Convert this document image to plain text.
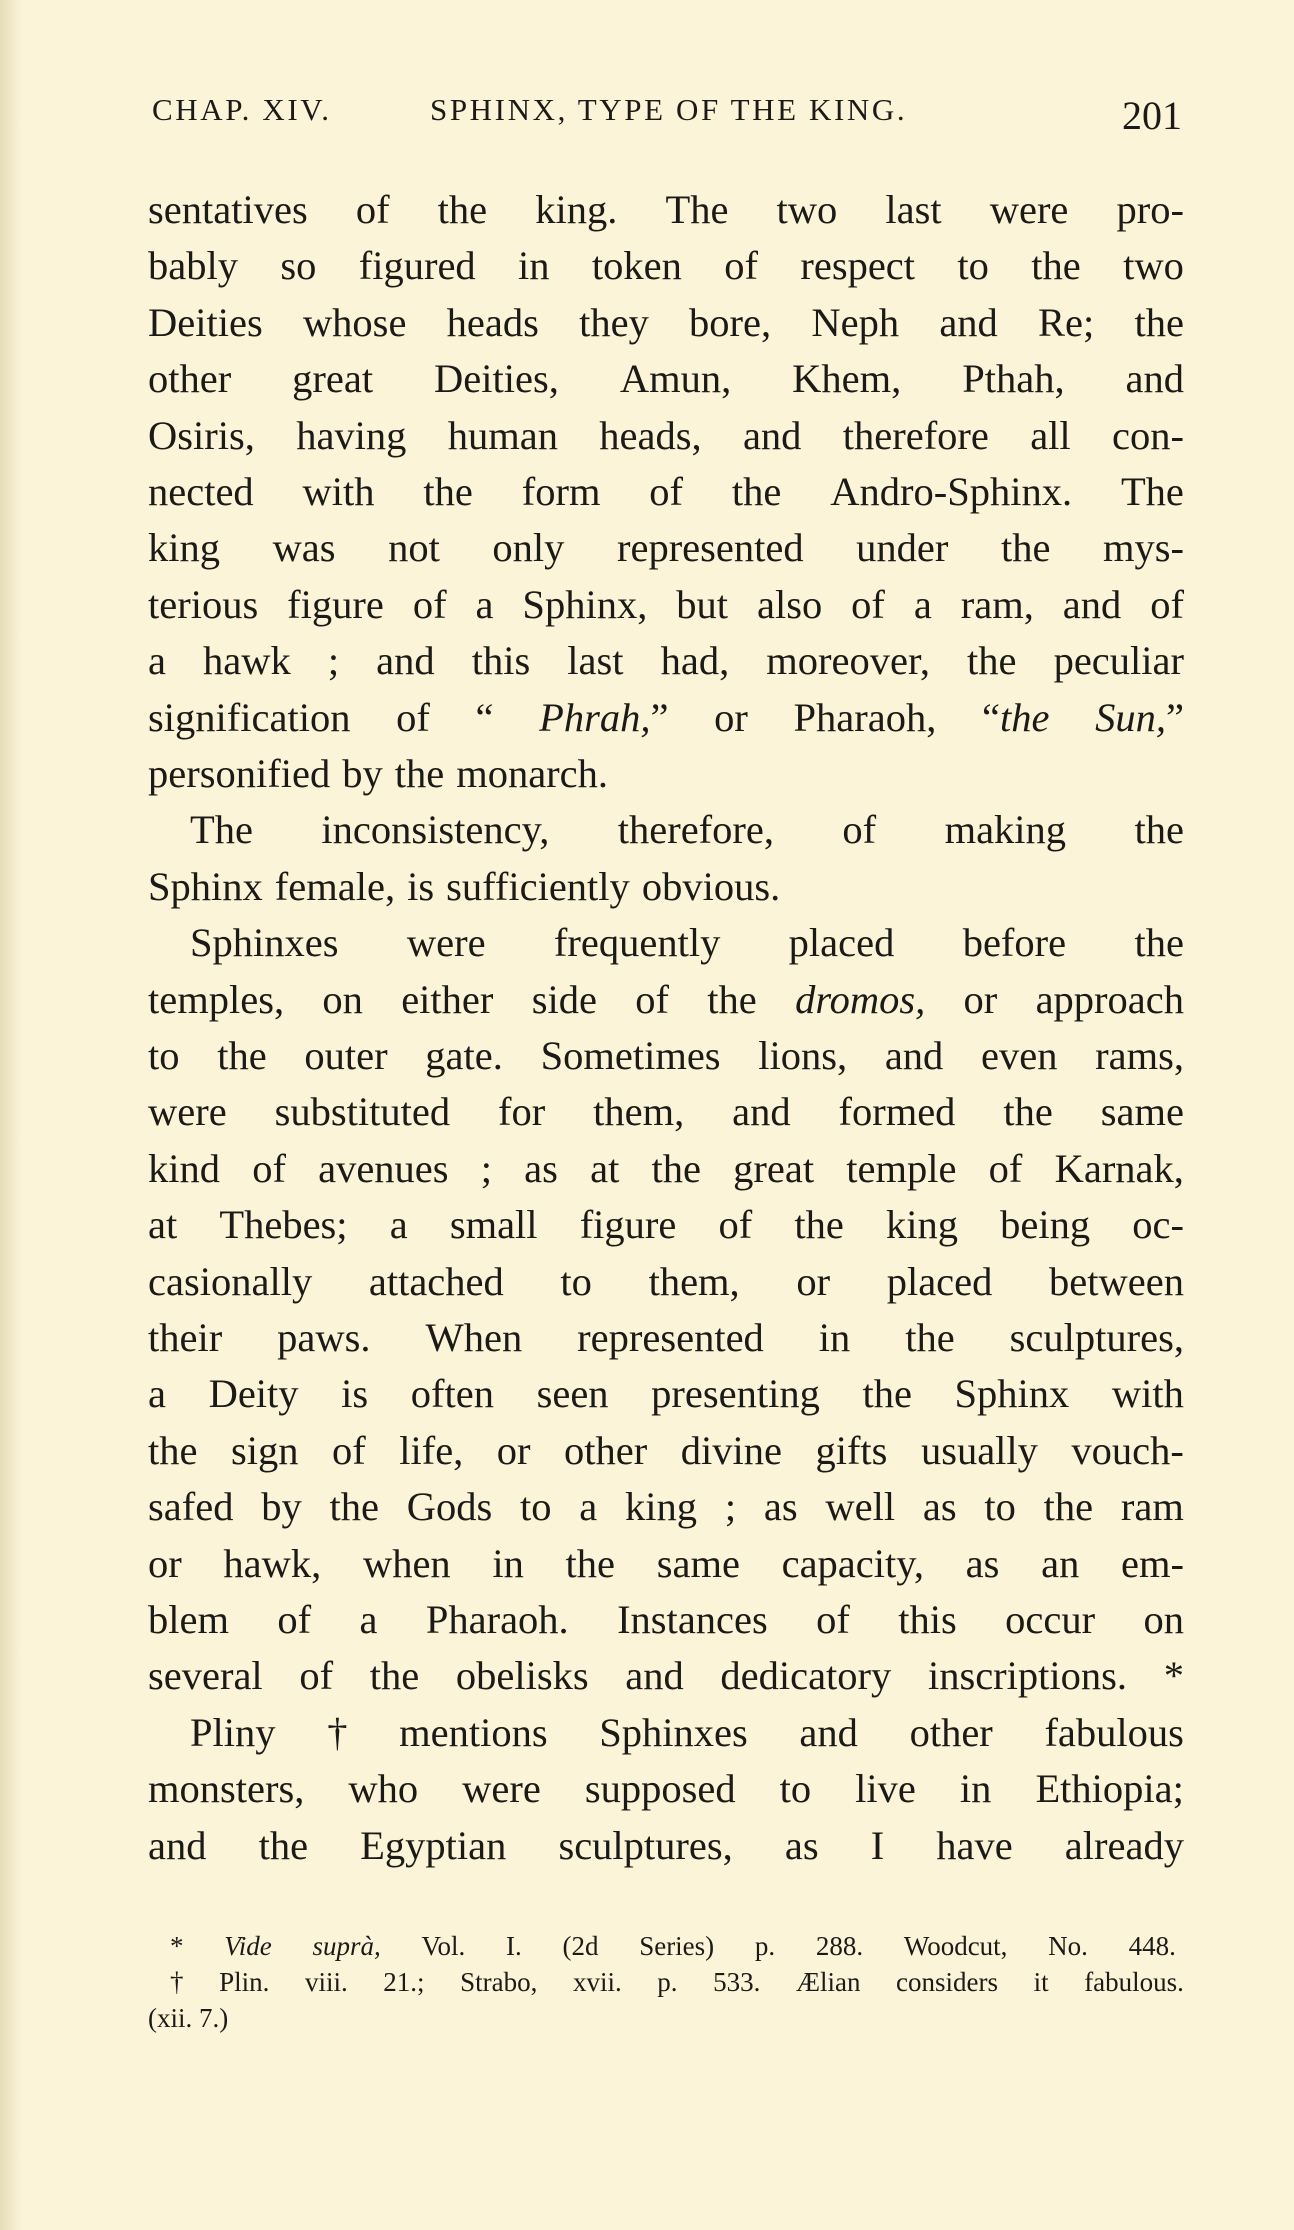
CHAP. XIV.	SPHINX, TYPE OF THE KING.	201
sentatives of the king. The two last were pro-
bably so figured in token of respect to the two
Deities whose heads they bore, Neph and Re; the
other great Deities, Amun, Khem, Pthah, and
Osiris, having human heads, and therefore all con-
nected with the form of the Andro-Sphinx. The
king was not only represented under the mys-
terious figure of a Sphinx, but also of a ram, and of
a hawk ; and this last had, moreover, the peculiar
signification of “ Phrah,” or Pharaoh, “the Sun,”
personified by the monarch.
The inconsistency, therefore, of making the
Sphinx female, is sufficiently obvious.
Sphinxes were frequently placed before the
temples, on either side of the dromos, or approach
to the outer gate. Sometimes lions, and even rams,
were substituted for them, and formed the same
kind of avenues ; as at the great temple of Karnak,
at Thebes; a small figure of the king being oc-
casionally attached to them, or placed between
their paws. When represented in the sculptures,
a Deity is often seen presenting the Sphinx with
the sign of life, or other divine gifts usually vouch-
safed by the Gods to a king ; as well as to the ram
or hawk, when in the same capacity, as an em-
blem of a Pharaoh. Instances of this occur on
several of the obelisks and dedicatory inscriptions. *
Pliny † mentions Sphinxes and other fabulous
monsters, who were supposed to live in Ethiopia;
and the Egyptian sculptures, as I have already
* Vide suprà, Vol. I. (2d Series) p. 288. Woodcut, No. 448.
† Plin. viii. 21.; Strabo, xvii. p. 533. Ælian considers it fabulous.
(xii. 7.)
